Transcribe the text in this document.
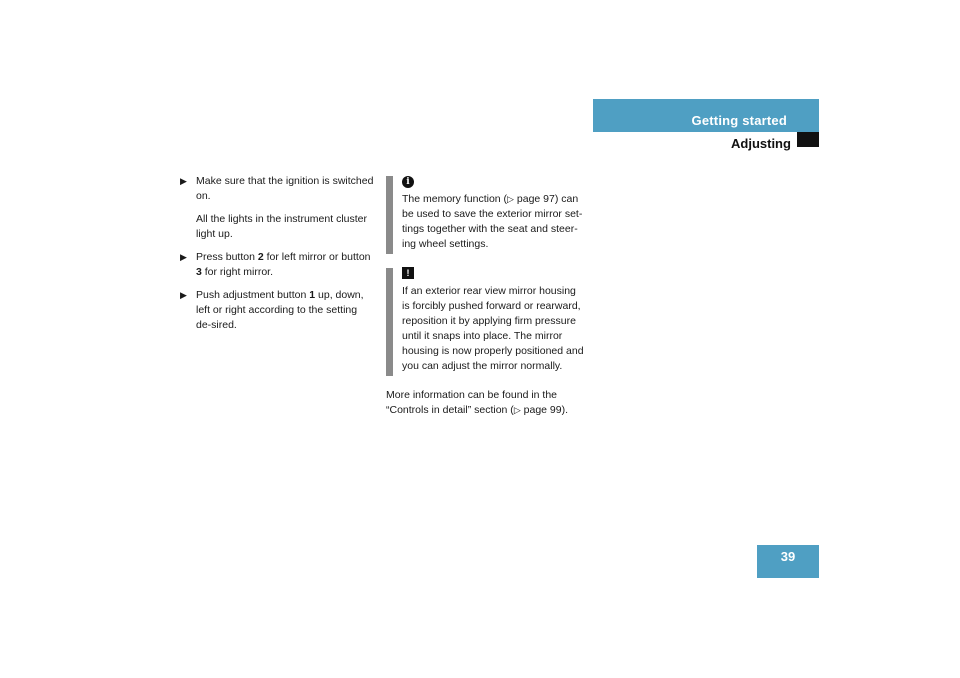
Getting started
Adjusting
39
▶ Make sure that the ignition is switched on.

All the lights in the instrument cluster light up.

▶ Press button 2 for left mirror or button 3 for right mirror.

▶ Push adjustment button 1 up, down, left or right according to the setting de-sired.

i
The memory function (▷ page 97) can be used to save the exterior mirror set-tings together with the seat and steer-ing wheel settings.
!
If an exterior rear view mirror housing is forcibly pushed forward or rearward, reposition it by applying firm pressure until it snaps into place. The mirror housing is now properly positioned and you can adjust the mirror normally.
More information can be found in the “Controls in detail” section (▷ page 99).
